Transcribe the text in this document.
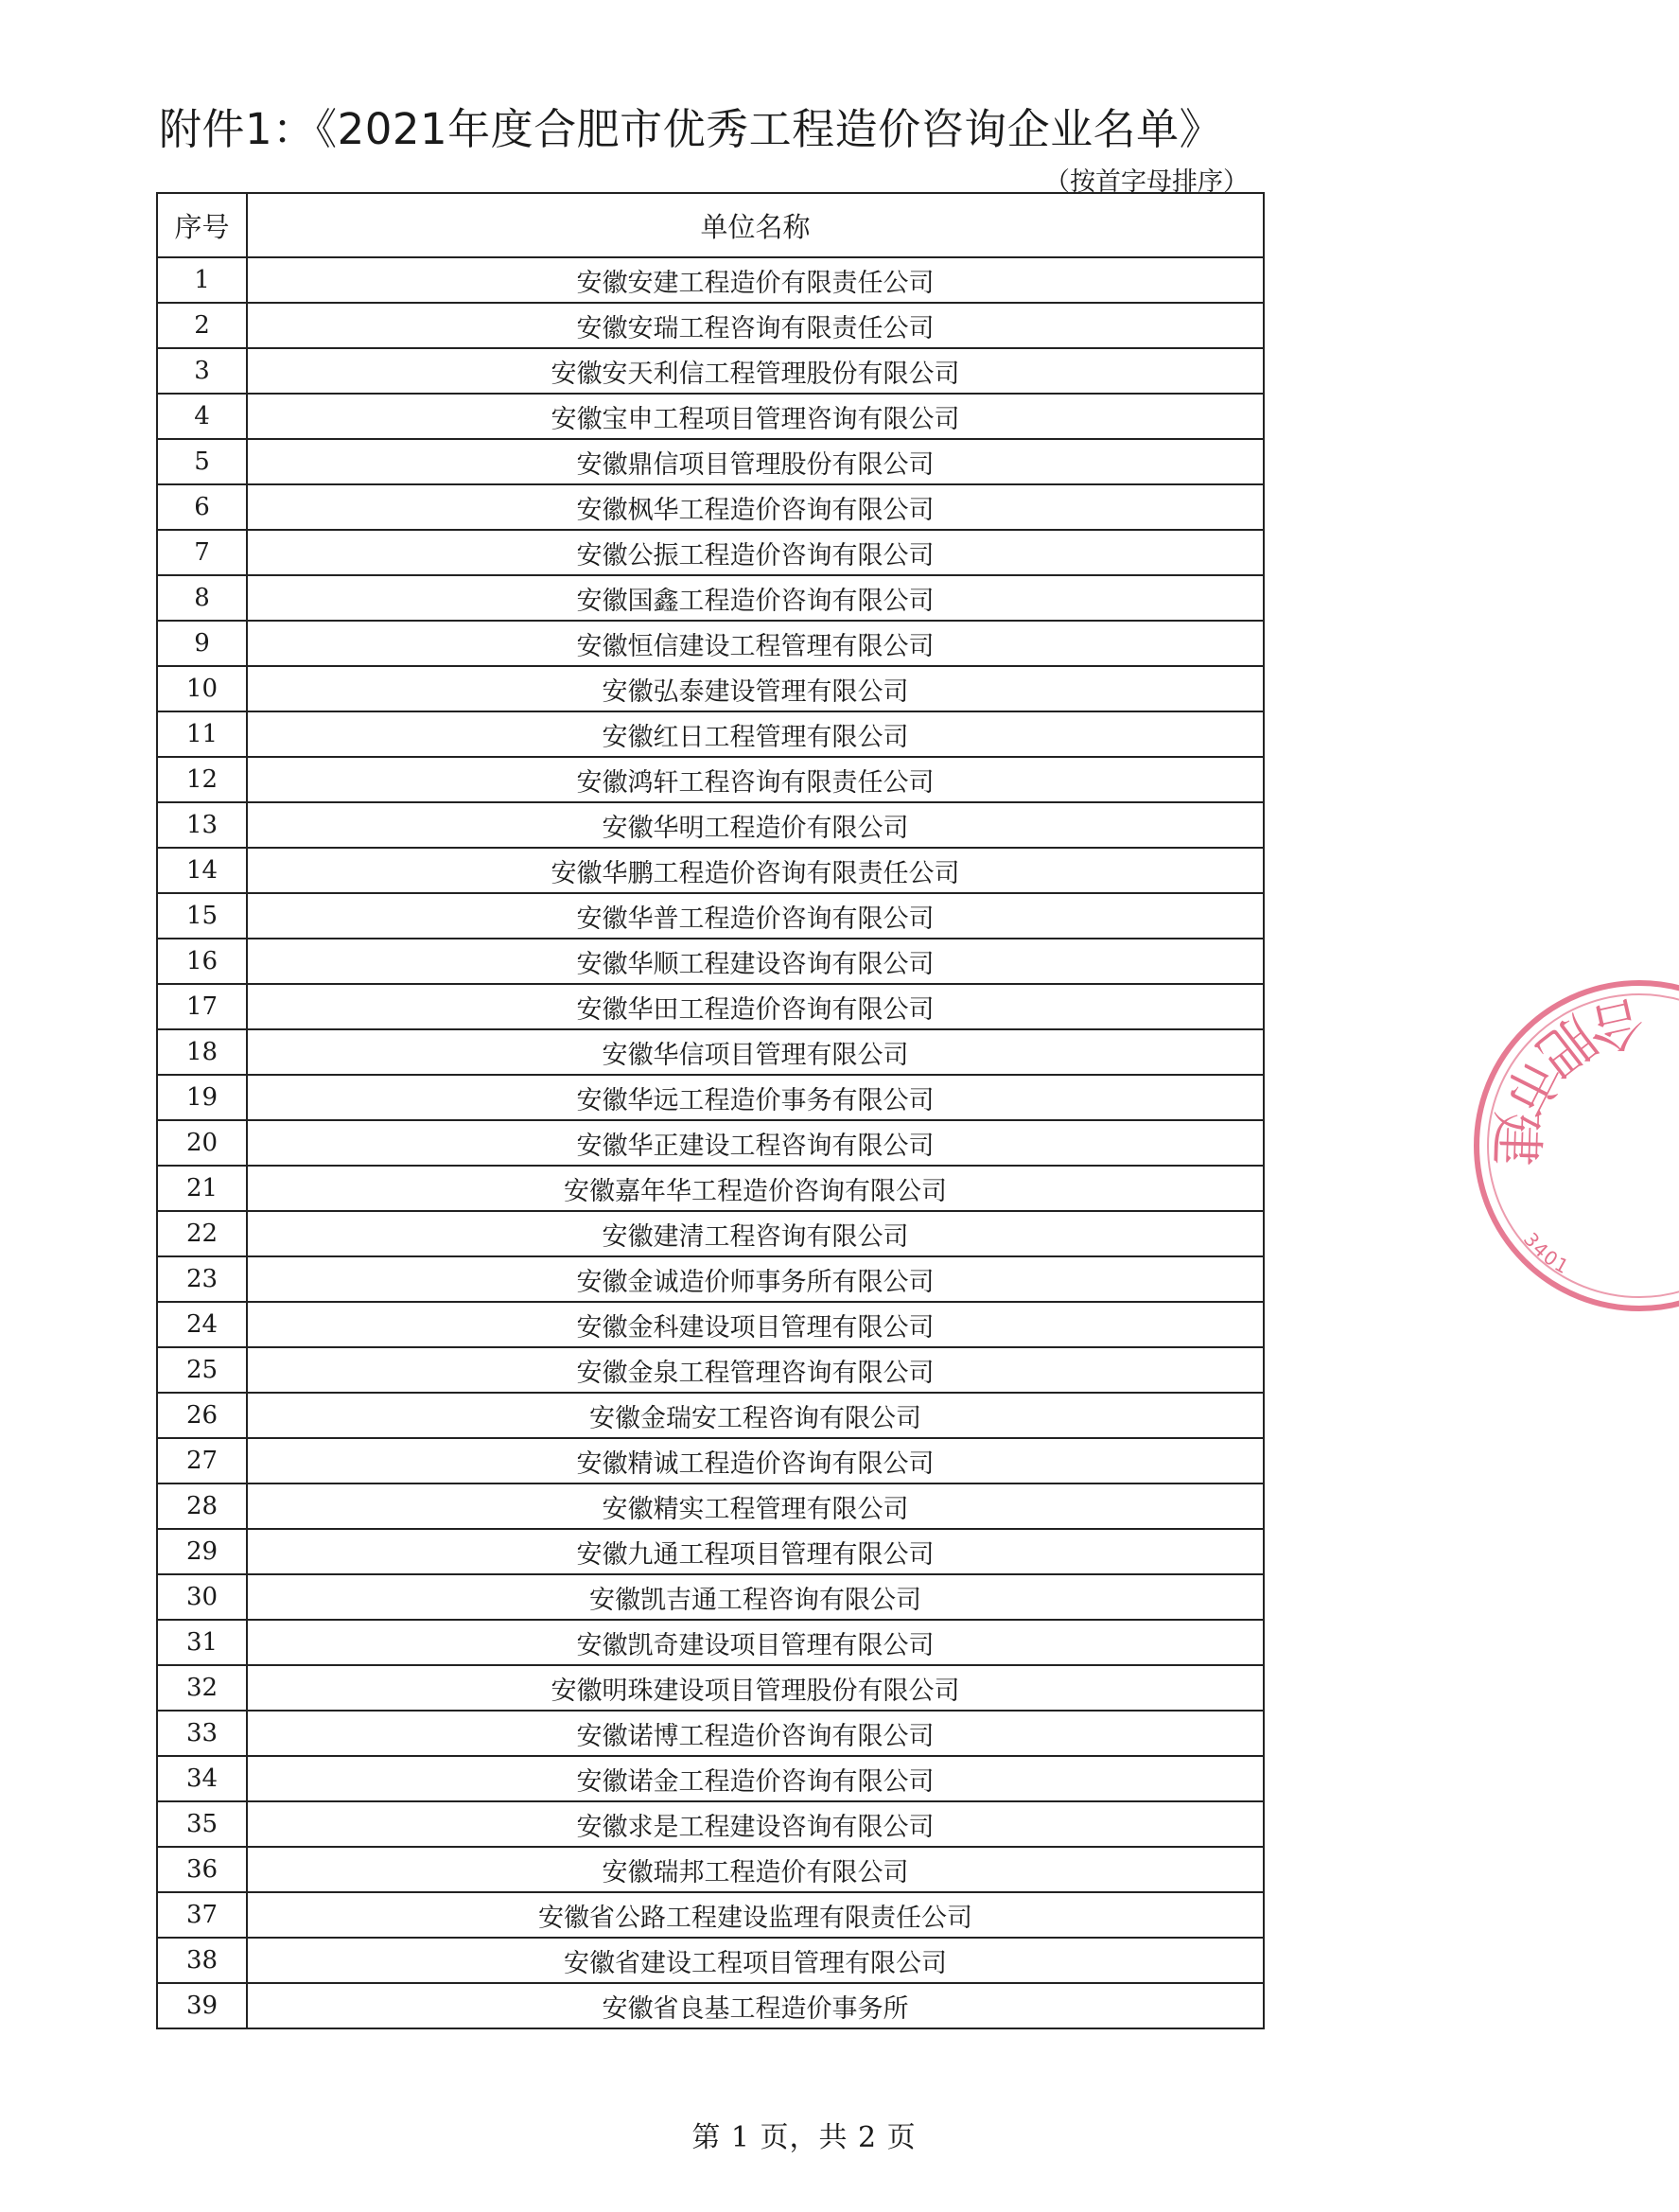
附件1：《2021年度合肥市优秀工程造价咨询企业名单》
（按首字母排序）
序号	单位名称
1	安徽安建工程造价有限责任公司
2	安徽安瑞工程咨询有限责任公司
3	安徽安天利信工程管理股份有限公司
4	安徽宝申工程项目管理咨询有限公司
5	安徽鼎信项目管理股份有限公司
6	安徽枫华工程造价咨询有限公司
7	安徽公振工程造价咨询有限公司
8	安徽国鑫工程造价咨询有限公司
9	安徽恒信建设工程管理有限公司
10	安徽弘泰建设管理有限公司
11	安徽红日工程管理有限公司
12	安徽鸿轩工程咨询有限责任公司
13	安徽华明工程造价有限公司
14	安徽华鹏工程造价咨询有限责任公司
15	安徽华普工程造价咨询有限公司
16	安徽华顺工程建设咨询有限公司
17	安徽华田工程造价咨询有限公司
18	安徽华信项目管理有限公司
19	安徽华远工程造价事务有限公司
20	安徽华正建设工程咨询有限公司
21	安徽嘉年华工程造价咨询有限公司
22	安徽建清工程咨询有限公司
23	安徽金诚造价师事务所有限公司
24	安徽金科建设项目管理有限公司
25	安徽金泉工程管理咨询有限公司
26	安徽金瑞安工程咨询有限公司
27	安徽精诚工程造价咨询有限公司
28	安徽精实工程管理有限公司
29	安徽九通工程项目管理有限公司
30	安徽凯吉通工程咨询有限公司
31	安徽凯奇建设项目管理有限公司
32	安徽明珠建设项目管理股份有限公司
33	安徽诺博工程造价咨询有限公司
34	安徽诺金工程造价咨询有限公司
35	安徽求是工程建设咨询有限公司
36	安徽瑞邦工程造价有限公司
37	安徽省公路工程建设监理有限责任公司
38	安徽省建设工程项目管理有限公司
39	安徽省良基工程造价事务所
第 1 页，共 2 页
合肥市建
3401
